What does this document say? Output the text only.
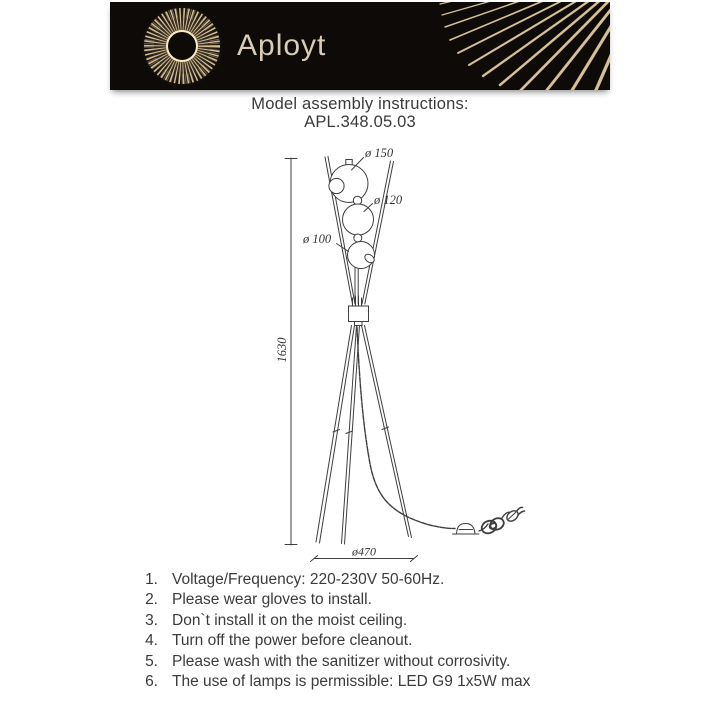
Aployt
Model assembly instructions:
APL.348.05.03
ø 150
ø 120
ø 100
1630
ø470
1. Voltage/Frequency: 220-230V 50-60Hz.
2. Please wear gloves to install.
3. Don`t install it on the moist ceiling.
4. Turn off the power before cleanout.
5. Please wash with the sanitizer without corrosivity.
6. The use of lamps is permissible: LED G9 1x5W max
